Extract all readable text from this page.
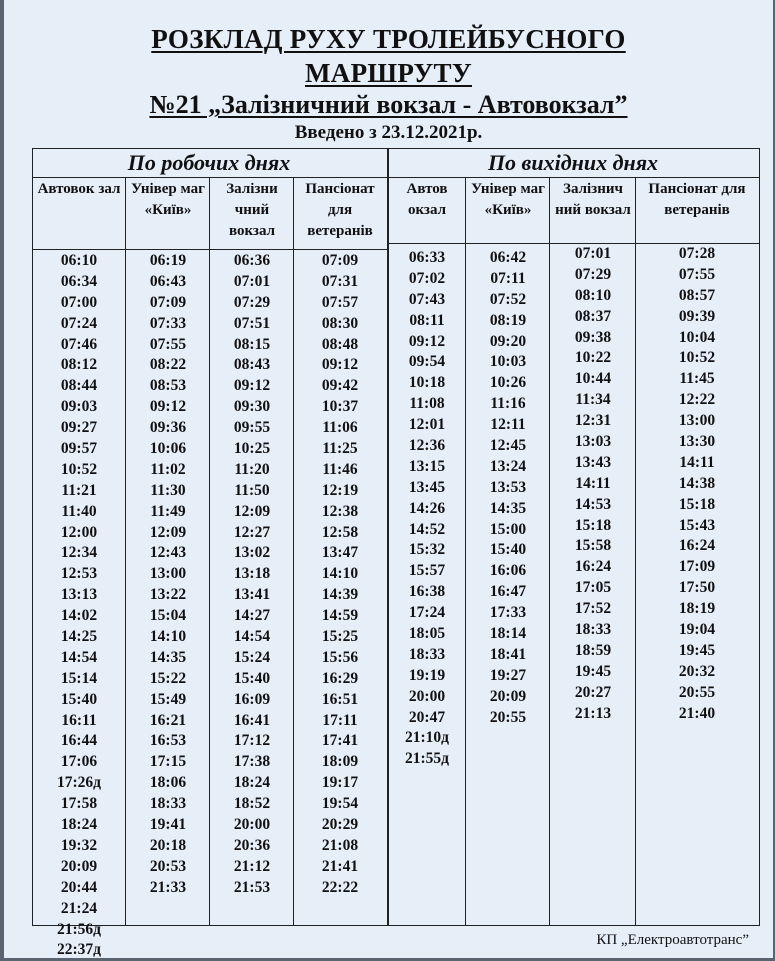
РОЗКЛАД РУХУ ТРОЛЕЙБУСНОГО
МАРШРУТУ
№21 „Залізничний вокзал - Автовокзал”
Введено з 23.12.2021р.
По робочих днях	По вихідних днях
Автовок зал Універ маг «Київ»
Залізни чний вокзал
Пансіонат для ветеранів
Автов окзал
Універ маг «Київ»
Залізнич ний вокзал
Пансіонат для ветеранів
06:10
06:34
07:00
07:24
07:46
08:12
08:44
09:03
09:27
09:57
10:52
11:21
11:40
12:00
12:34
12:53
13:13
14:02
14:25
14:54
15:14
15:40
16:11
16:44
17:06
17:26д
17:58
18:24
19:32
20:09
20:44
21:24
21:56д
22:37д
06:19
06:43
07:09
07:33
07:55
08:22
08:53
09:12
09:36
10:06
11:02
11:30
11:49
12:09
12:43
13:00
13:22
15:04
14:10
14:35
15:22
15:49
16:21
16:53
17:15
18:06
18:33
19:41
20:18
20:53
21:33
06:36
07:01
07:29
07:51
08:15
08:43
09:12
09:30
09:55
10:25
11:20
11:50
12:09
12:27
13:02
13:18
13:41
14:27
14:54
15:24
15:40
16:09
16:41
17:12
17:38
18:24
18:52
20:00
20:36
21:12
21:53
07:09
07:31
07:57
08:30
08:48
09:12
09:42
10:37
11:06
11:25
11:46
12:19
12:38
12:58
13:47
14:10
14:39
14:59
15:25
15:56
16:29
16:51
17:11
17:41
18:09
19:17
19:54
20:29
21:08
21:41
22:22
06:33
07:02
07:43
08:11
09:12
09:54
10:18
11:08
12:01
12:36
13:15
13:45
14:26
14:52
15:32
15:57
16:38
17:24
18:05
18:33
19:19
20:00
20:47
21:10д
21:55д
06:42
07:11
07:52
08:19
09:20
10:03
10:26
11:16
12:11
12:45
13:24
13:53
14:35
15:00
15:40
16:06
16:47
17:33
18:14
18:41
19:27
20:09
20:55
07:01
07:29
08:10
08:37
09:38
10:22
10:44
11:34
12:31
13:03
13:43
14:11
14:53
15:18
15:58
16:24
17:05
17:52
18:33
18:59
19:45
20:27
21:13
07:28
07:55
08:57
09:39
10:04
10:52
11:45
12:22
13:00
13:30
14:11
14:38
15:18
15:43
16:24
17:09
17:50
18:19
19:04
19:45
20:32
20:55
21:40
КП „Електроавтотранс”
